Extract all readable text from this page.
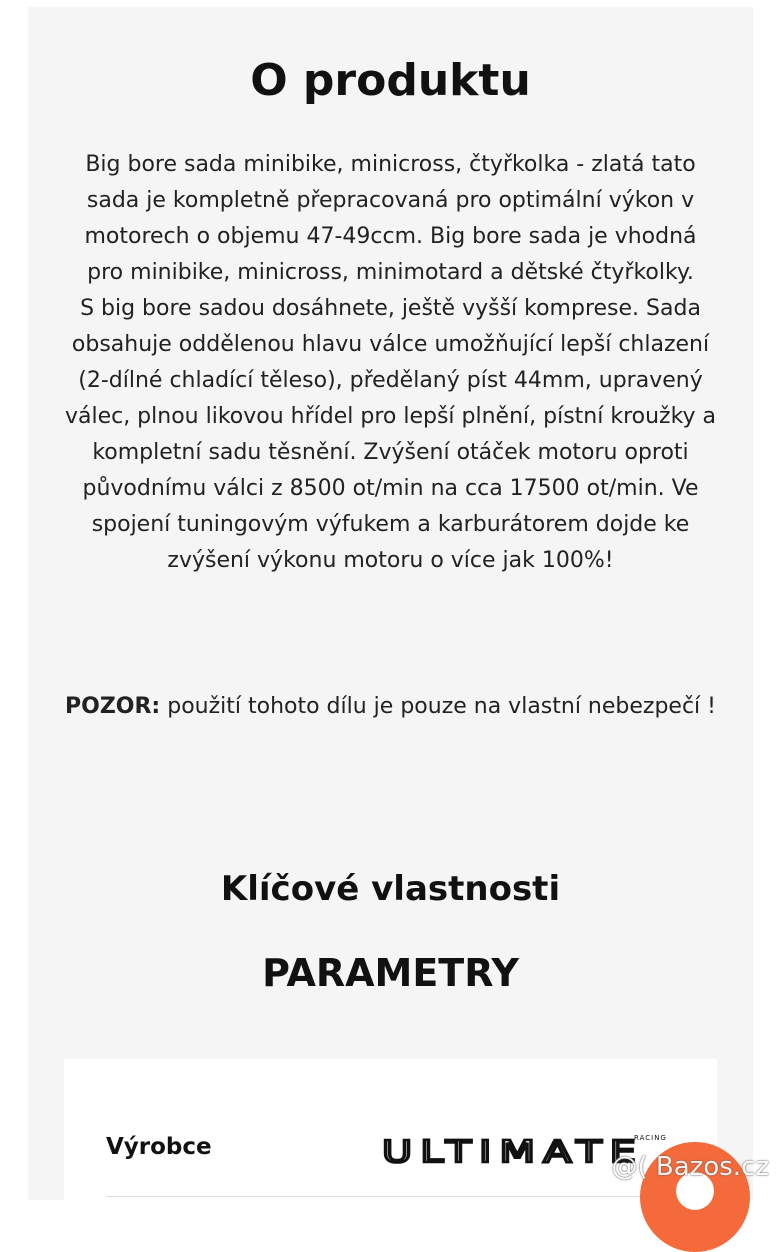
O produktu

Big bore sada minibike, minicross, čtyřkolka - zlatá tato sada je kompletně přepracovaná pro optimální výkon v motorech o objemu 47-49ccm. Big bore sada je vhodná pro minibike, minicross, minimotard a dětské čtyřkolky.

S big bore sadou dosáhnete, ještě vyšší komprese. Sada obsahuje oddělenou hlavu válce umožňující lepší chlazení (2-dílné chladící těleso), předělaný píst 44mm, upravený válec, plnou likovou hřídel pro lepší plnění, pístní kroužky a kompletní sadu těsnění. Zvýšení otáček motoru oproti původnímu válci z 8500 ot/min na cca 17500 ot/min. Ve spojení tuningovým výfukem a karburátorem dojde ke zvýšení výkonu motoru o více jak 100%!

POZOR: použití tohoto dílu je pouze na vlastní nebezpečí !

Klíčové vlastnosti
PARAMETRY
Výrobce	ULTIMATE
RACING
@( Bazos.cz
